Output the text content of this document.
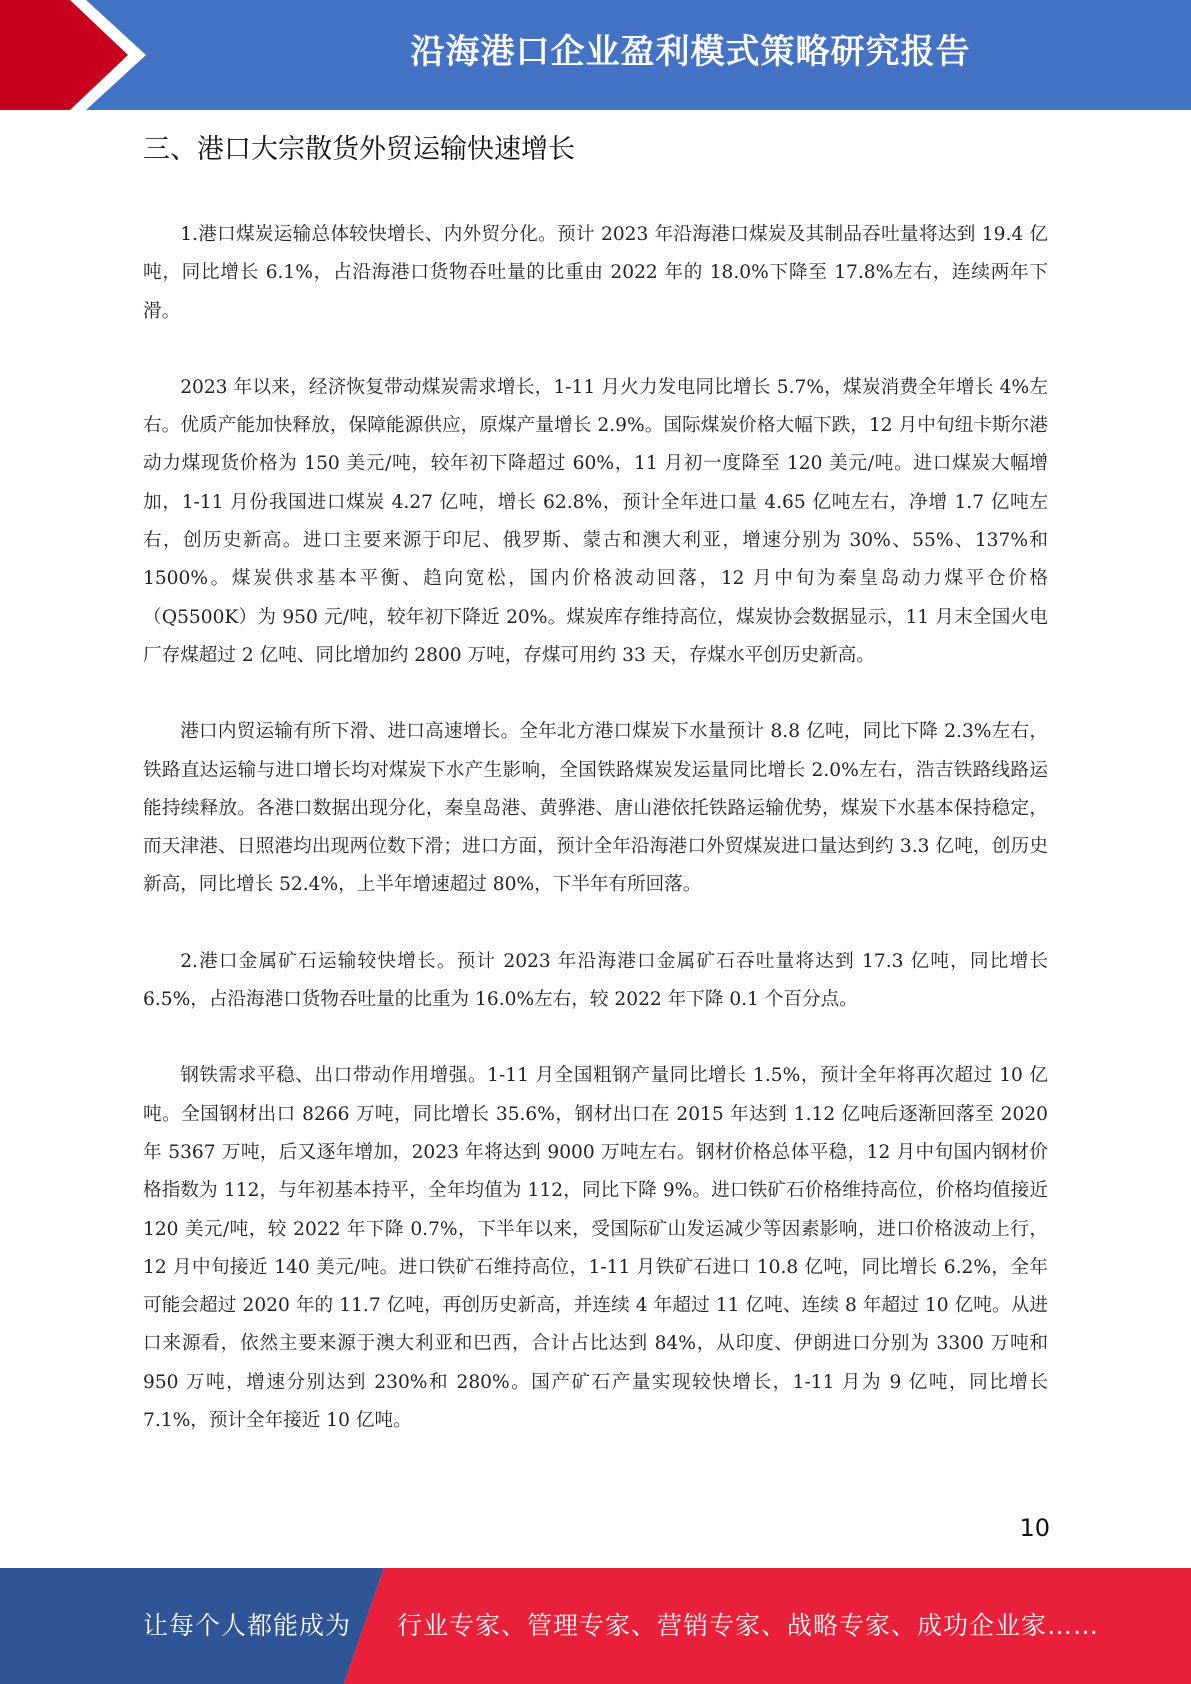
沿海港口企业盈利模式策略研究报告
三、港口大宗散货外贸运输快速增长

1.港口煤炭运输总体较快增长、内外贸分化。预计 2023 年沿海港口煤炭及其制品吞吐量将达到 19.4 亿吨，同比增长 6.1%，占沿海港口货物吞吐量的比重由 2022 年的 18.0%下降至 17.8%左右，连续两年下滑。

2023 年以来，经济恢复带动煤炭需求增长，1-11 月火力发电同比增长 5.7%，煤炭消费全年增长 4%左右。优质产能加快释放，保障能源供应，原煤产量增长 2.9%。国际煤炭价格大幅下跌，12 月中旬纽卡斯尔港动力煤现货价格为 150 美元/吨，较年初下降超过 60%，11 月初一度降至 120 美元/吨。进口煤炭大幅增加，1-11 月份我国进口煤炭 4.27 亿吨，增长 62.8%，预计全年进口量 4.65 亿吨左右，净增 1.7 亿吨左右，创历史新高。进口主要来源于印尼、俄罗斯、蒙古和澳大利亚，增速分别为 30%、55%、137%和 1500%。煤炭供求基本平衡、趋向宽松，国内价格波动回落，12 月中旬为秦皇岛动力煤平仓价格（Q5500K）为 950 元/吨，较年初下降近 20%。煤炭库存维持高位，煤炭协会数据显示，11 月末全国火电厂存煤超过 2 亿吨、同比增加约 2800 万吨，存煤可用约 33 天，存煤水平创历史新高。

港口内贸运输有所下滑、进口高速增长。全年北方港口煤炭下水量预计 8.8 亿吨，同比下降 2.3%左右，铁路直达运输与进口增长均对煤炭下水产生影响，全国铁路煤炭发运量同比增长 2.0%左右，浩吉铁路线路运能持续释放。各港口数据出现分化，秦皇岛港、黄骅港、唐山港依托铁路运输优势，煤炭下水基本保持稳定，而天津港、日照港均出现两位数下滑；进口方面，预计全年沿海港口外贸煤炭进口量达到约 3.3 亿吨，创历史新高，同比增长 52.4%，上半年增速超过 80%，下半年有所回落。

2.港口金属矿石运输较快增长。预计 2023 年沿海港口金属矿石吞吐量将达到 17.3 亿吨，同比增长 6.5%，占沿海港口货物吞吐量的比重为 16.0%左右，较 2022 年下降 0.1 个百分点。

钢铁需求平稳、出口带动作用增强。1-11 月全国粗钢产量同比增长 1.5%，预计全年将再次超过 10 亿吨。全国钢材出口 8266 万吨，同比增长 35.6%，钢材出口在 2015 年达到 1.12 亿吨后逐渐回落至 2020 年 5367 万吨，后又逐年增加，2023 年将达到 9000 万吨左右。钢材价格总体平稳，12 月中旬国内钢材价格指数为 112，与年初基本持平，全年均值为 112，同比下降 9%。进口铁矿石价格维持高位，价格均值接近 120 美元/吨，较 2022 年下降 0.7%，下半年以来，受国际矿山发运减少等因素影响，进口价格波动上行，12 月中旬接近 140 美元/吨。进口铁矿石维持高位，1-11 月铁矿石进口 10.8 亿吨，同比增长 6.2%，全年可能会超过 2020 年的 11.7 亿吨，再创历史新高，并连续 4 年超过 11 亿吨、连续 8 年超过 10 亿吨。从进口来源看，依然主要来源于澳大利亚和巴西，合计占比达到 84%，从印度、伊朗进口分别为 3300 万吨和 950 万吨，增速分别达到 230%和 280%。国产矿石产量实现较快增长，1-11 月为 9 亿吨，同比增长 7.1%，预计全年接近 10 亿吨。

10
让每个人都能成为 行业专家、管理专家、营销专家、战略专家、成功企业家……
